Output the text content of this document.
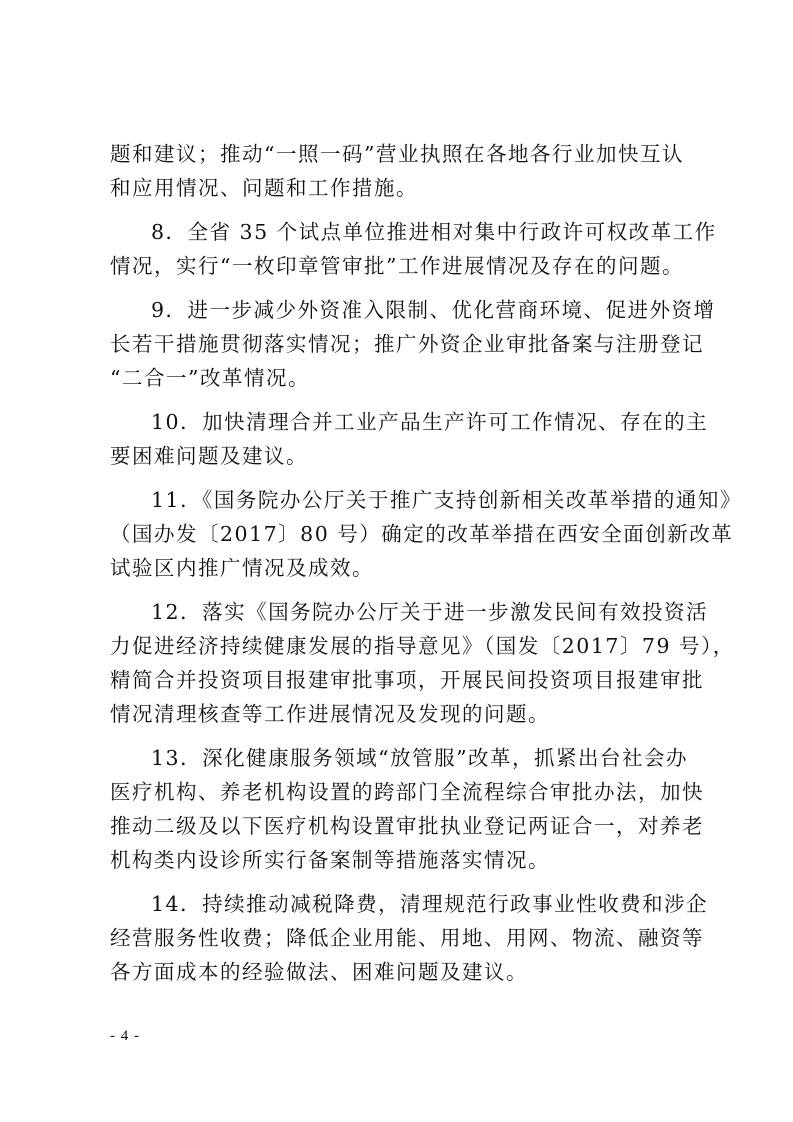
题和建议；推动“一照一码”营业执照在各地各行业加快互认
和应用情况、问题和工作措施。
8．全省 35 个试点单位推进相对集中行政许可权改革工作
情况，实行“一枚印章管审批”工作进展情况及存在的问题。
9．进一步减少外资准入限制、优化营商环境、促进外资增
长若干措施贯彻落实情况；推广外资企业审批备案与注册登记
“二合一”改革情况。
10．加快清理合并工业产品生产许可工作情况、存在的主
要困难问题及建议。
11．《国务院办公厅关于推广支持创新相关改革举措的通知》
（国办发〔2017〕80 号）确定的改革举措在西安全面创新改革
试验区内推广情况及成效。
12．落实《国务院办公厅关于进一步激发民间有效投资活
力促进经济持续健康发展的指导意见》（国发〔2017〕79 号），
精简合并投资项目报建审批事项，开展民间投资项目报建审批
情况清理核查等工作进展情况及发现的问题。
13．深化健康服务领域“放管服”改革，抓紧出台社会办
医疗机构、养老机构设置的跨部门全流程综合审批办法，加快
推动二级及以下医疗机构设置审批执业登记两证合一，对养老
机构类内设诊所实行备案制等措施落实情况。
14．持续推动减税降费，清理规范行政事业性收费和涉企
经营服务性收费；降低企业用能、用地、用网、物流、融资等
各方面成本的经验做法、困难问题及建议。
- 4 -
